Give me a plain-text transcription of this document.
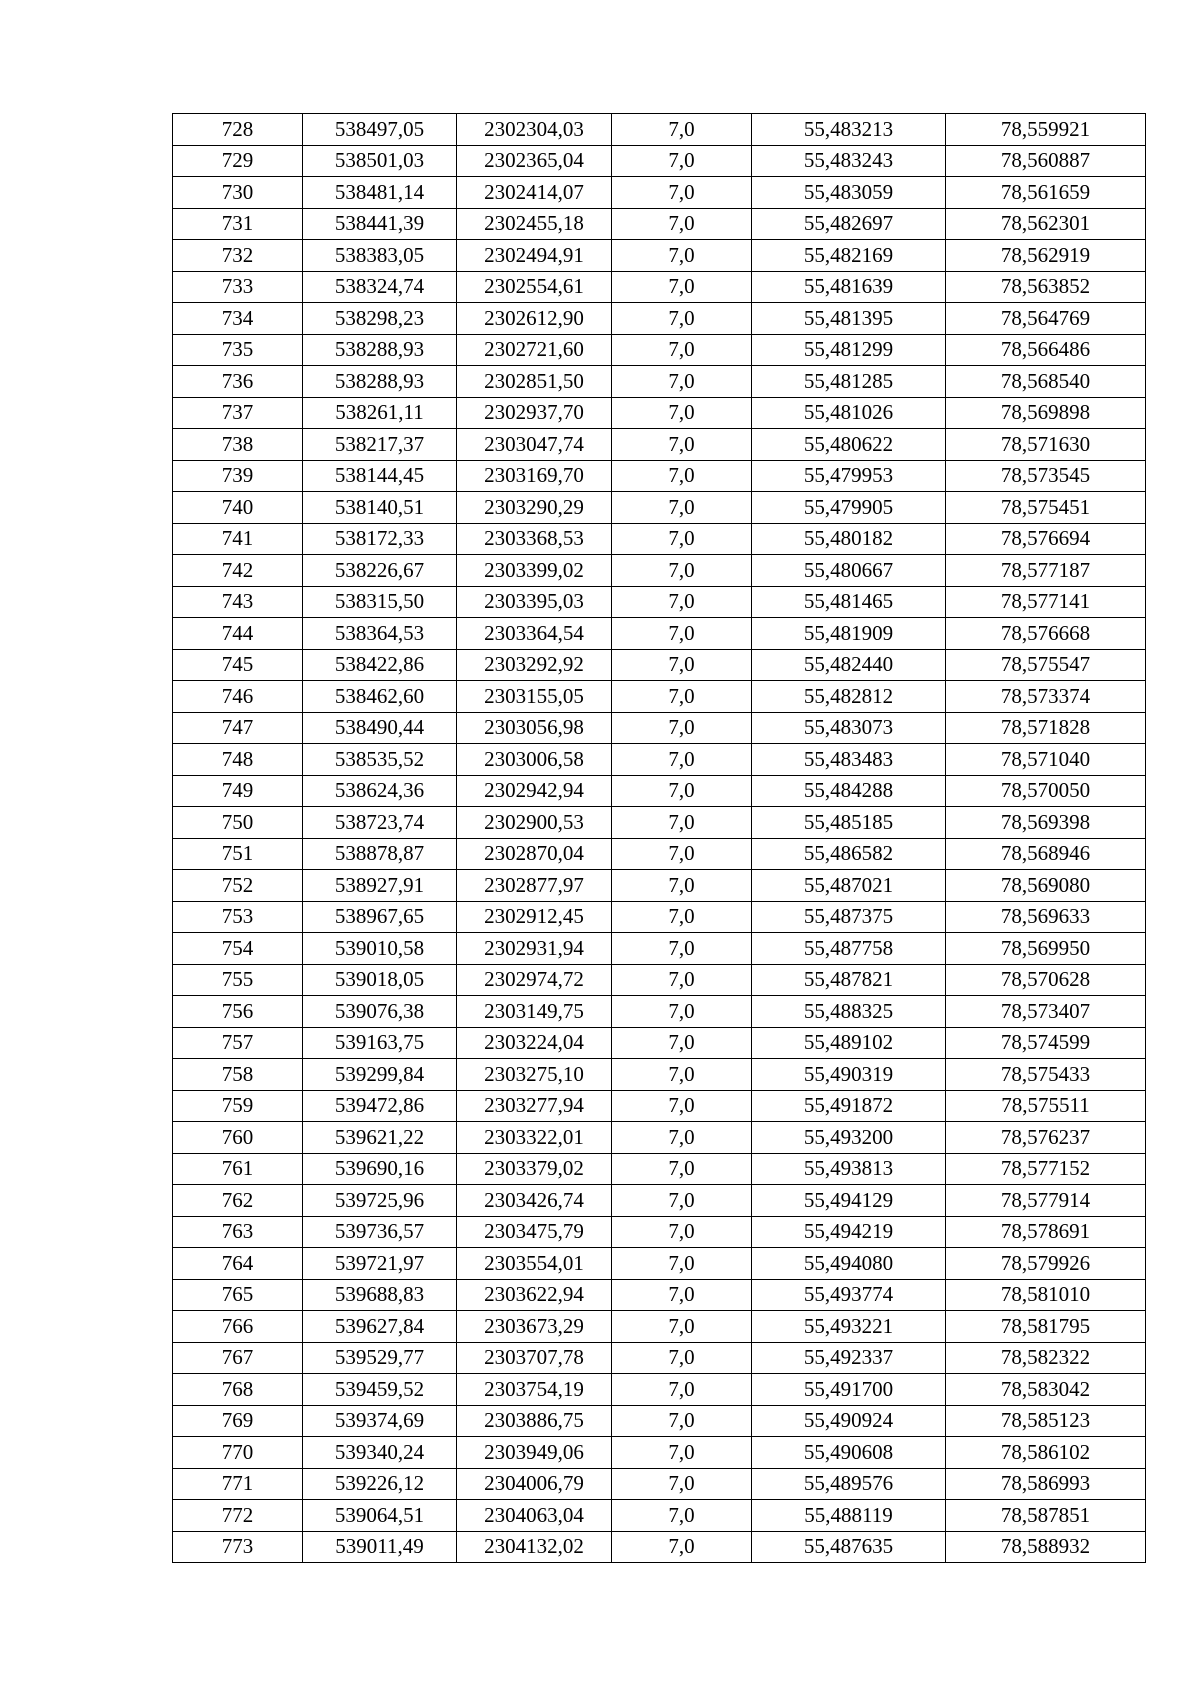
728	538497,05	2302304,03	7,0	55,483213	78,559921
729	538501,03	2302365,04	7,0	55,483243	78,560887
730	538481,14	2302414,07	7,0	55,483059	78,561659
731	538441,39	2302455,18	7,0	55,482697	78,562301
732	538383,05	2302494,91	7,0	55,482169	78,562919
733	538324,74	2302554,61	7,0	55,481639	78,563852
734	538298,23	2302612,90	7,0	55,481395	78,564769
735	538288,93	2302721,60	7,0	55,481299	78,566486
736	538288,93	2302851,50	7,0	55,481285	78,568540
737	538261,11	2302937,70	7,0	55,481026	78,569898
738	538217,37	2303047,74	7,0	55,480622	78,571630
739	538144,45	2303169,70	7,0	55,479953	78,573545
740	538140,51	2303290,29	7,0	55,479905	78,575451
741	538172,33	2303368,53	7,0	55,480182	78,576694
742	538226,67	2303399,02	7,0	55,480667	78,577187
743	538315,50	2303395,03	7,0	55,481465	78,577141
744	538364,53	2303364,54	7,0	55,481909	78,576668
745	538422,86	2303292,92	7,0	55,482440	78,575547
746	538462,60	2303155,05	7,0	55,482812	78,573374
747	538490,44	2303056,98	7,0	55,483073	78,571828
748	538535,52	2303006,58	7,0	55,483483	78,571040
749	538624,36	2302942,94	7,0	55,484288	78,570050
750	538723,74	2302900,53	7,0	55,485185	78,569398
751	538878,87	2302870,04	7,0	55,486582	78,568946
752	538927,91	2302877,97	7,0	55,487021	78,569080
753	538967,65	2302912,45	7,0	55,487375	78,569633
754	539010,58	2302931,94	7,0	55,487758	78,569950
755	539018,05	2302974,72	7,0	55,487821	78,570628
756	539076,38	2303149,75	7,0	55,488325	78,573407
757	539163,75	2303224,04	7,0	55,489102	78,574599
758	539299,84	2303275,10	7,0	55,490319	78,575433
759	539472,86	2303277,94	7,0	55,491872	78,575511
760	539621,22	2303322,01	7,0	55,493200	78,576237
761	539690,16	2303379,02	7,0	55,493813	78,577152
762	539725,96	2303426,74	7,0	55,494129	78,577914
763	539736,57	2303475,79	7,0	55,494219	78,578691
764	539721,97	2303554,01	7,0	55,494080	78,579926
765	539688,83	2303622,94	7,0	55,493774	78,581010
766	539627,84	2303673,29	7,0	55,493221	78,581795
767	539529,77	2303707,78	7,0	55,492337	78,582322
768	539459,52	2303754,19	7,0	55,491700	78,583042
769	539374,69	2303886,75	7,0	55,490924	78,585123
770	539340,24	2303949,06	7,0	55,490608	78,586102
771	539226,12	2304006,79	7,0	55,489576	78,586993
772	539064,51	2304063,04	7,0	55,488119	78,587851
773	539011,49	2304132,02	7,0	55,487635	78,588932
